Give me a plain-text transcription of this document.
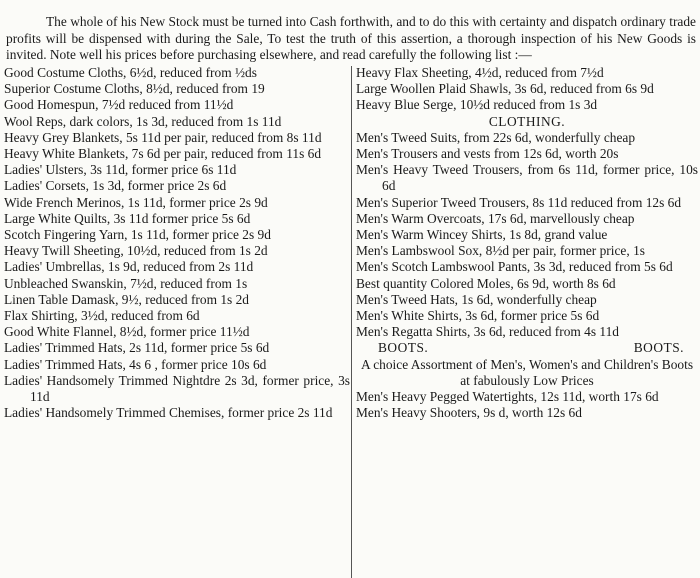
The whole of his New Stock must be turned into Cash forthwith, and to do this with certainty and dispatch ordinary trade profits will be dispensed with during the Sale, To test the truth of this assertion, a thorough inspection of his New Goods is invited. Note well his prices before purchasing elsewhere, and read carefully the following list :—

Good Costume Cloths, 6½d, reduced from ½ds
Superior Costume Cloths, 8½d, reduced from 19
Good Homespun, 7½d reduced from 11½d
Wool Reps, dark colors, 1s 3d, reduced from 1s 11d
Heavy Grey Blankets, 5s 11d per pair, reduced from 8s 11d
Heavy White Blankets, 7s 6d per pair, reduced from 11s 6d
Ladies' Ulsters, 3s 11d, former price 6s 11d
Ladies' Corsets, 1s 3d, former price 2s 6d
Wide French Merinos, 1s 11d, former price 2s 9d
Large White Quilts, 3s 11d former price 5s 6d
Scotch Fingering Yarn, 1s 11d, former price 2s 9d
Heavy Twill Sheeting, 10½d, reduced from 1s 2d
Ladies' Umbrellas, 1s 9d, reduced from 2s 11d
Unbleached Swanskin, 7½d, reduced from 1s
Linen Table Damask, 9½, reduced from 1s 2d
Flax Shirting, 3½d, reduced from 6d
Good White Flannel, 8½d, former price 11½d
Ladies' Trimmed Hats, 2s 11d, former price 5s 6d
Ladies' Trimmed Hats, 4s 6 , former price 10s 6d
Ladies' Handsomely Trimmed Nightdre 2s 3d, former price, 3s 11d
Ladies' Handsomely Trimmed Chemises, former price 2s 11d
Heavy Flax Sheeting, 4½d, reduced from 7½d
Large Woollen Plaid Shawls, 3s 6d, reduced from 6s 9d
Heavy Blue Serge, 10½d reduced from 1s 3d
CLOTHING.
Men's Tweed Suits, from 22s 6d, wonderfully cheap
Men's Trousers and vests from 12s 6d, worth 20s
Men's Heavy Tweed Trousers, from 6s 11d, former price, 10s 6d
Men's Superior Tweed Trousers, 8s 11d reduced from 12s 6d
Men's Warm Overcoats, 17s 6d, marvellously cheap
Men's Warm Wincey Shirts, 1s 8d, grand value
Men's Lambswool Sox, 8½d per pair, former price, 1s
Men's Scotch Lambswool Pants, 3s 3d, reduced from 5s 6d
Best quantity Colored Moles, 6s 9d, worth 8s 6d
Men's Tweed Hats, 1s 6d, wonderfully cheap
Men's White Shirts, 3s 6d, former price 5s 6d
Men's Regatta Shirts, 3s 6d, reduced from 4s 11d
BOOTS.	BOOTS.
A choice Assortment of Men's, Women's and Children's Boots at fabulously Low Prices
Men's Heavy Pegged Watertights, 12s 11d, worth 17s 6d
Men's Heavy Shooters, 9s d, worth 12s 6d
